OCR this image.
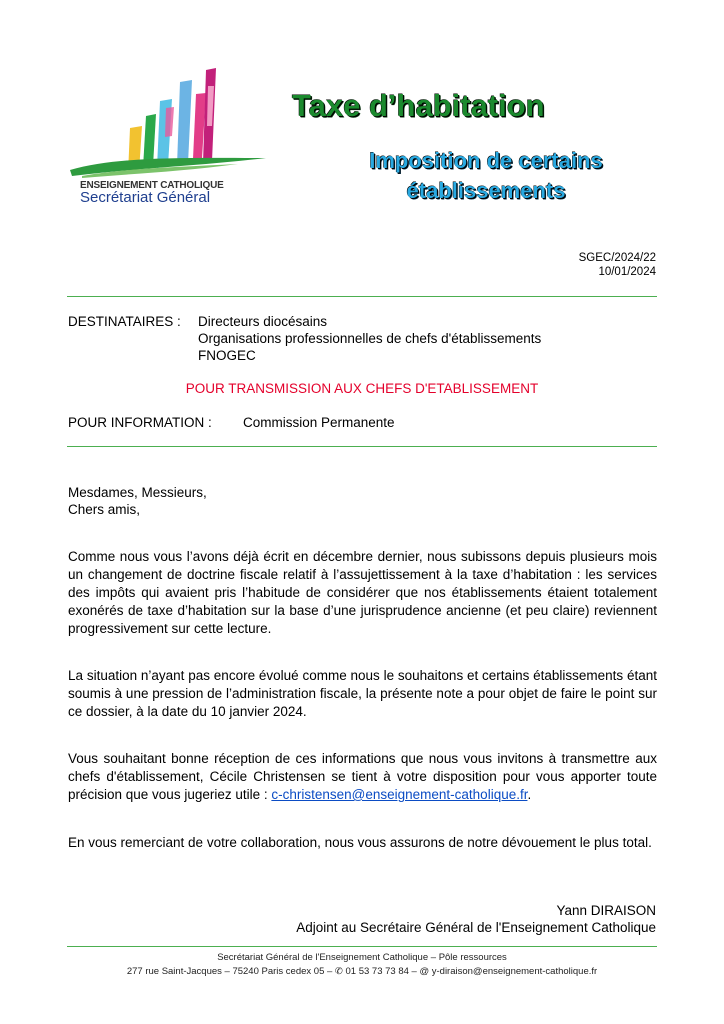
ENSEIGNEMENT CATHOLIQUE
Secrétariat Général
Taxe d’habitation
Imposition de certains
établissements
SGEC/2024/22
10/01/2024
DESTINATAIRES : Directeurs diocésains
Organisations professionnelles de chefs d'établissements
FNOGEC
POUR TRANSMISSION AUX CHEFS D'ETABLISSEMENT
POUR INFORMATION : Commission Permanente
Mesdames, Messieurs,
Chers amis,
Comme nous vous l’avons déjà écrit en décembre dernier, nous subissons depuis plusieurs mois un changement de doctrine fiscale relatif à l’assujettissement à la taxe d’habitation : les services des impôts qui avaient pris l’habitude de considérer que nos établissements étaient totalement exonérés de taxe d’habitation sur la base d’une jurisprudence ancienne (et peu claire) reviennent progressivement sur cette lecture.
La situation n’ayant pas encore évolué comme nous le souhaitons et certains établissements étant soumis à une pression de l’administration fiscale, la présente note a pour objet de faire le point sur ce dossier, à la date du 10 janvier 2024.
Vous souhaitant bonne réception de ces informations que nous vous invitons à transmettre aux chefs d'établissement, Cécile Christensen se tient à votre disposition pour vous apporter toute précision que vous jugeriez utile : c-christensen@enseignement-catholique.fr.
En vous remerciant de votre collaboration, nous vous assurons de notre dévouement le plus total.
Yann DIRAISON
Adjoint au Secrétaire Général de l'Enseignement Catholique
Secrétariat Général de l'Enseignement Catholique – Pôle ressources
277 rue Saint-Jacques – 75240 Paris cedex 05 – ✆ 01 53 73 73 84 – @ y-diraison@enseignement-catholique.fr
